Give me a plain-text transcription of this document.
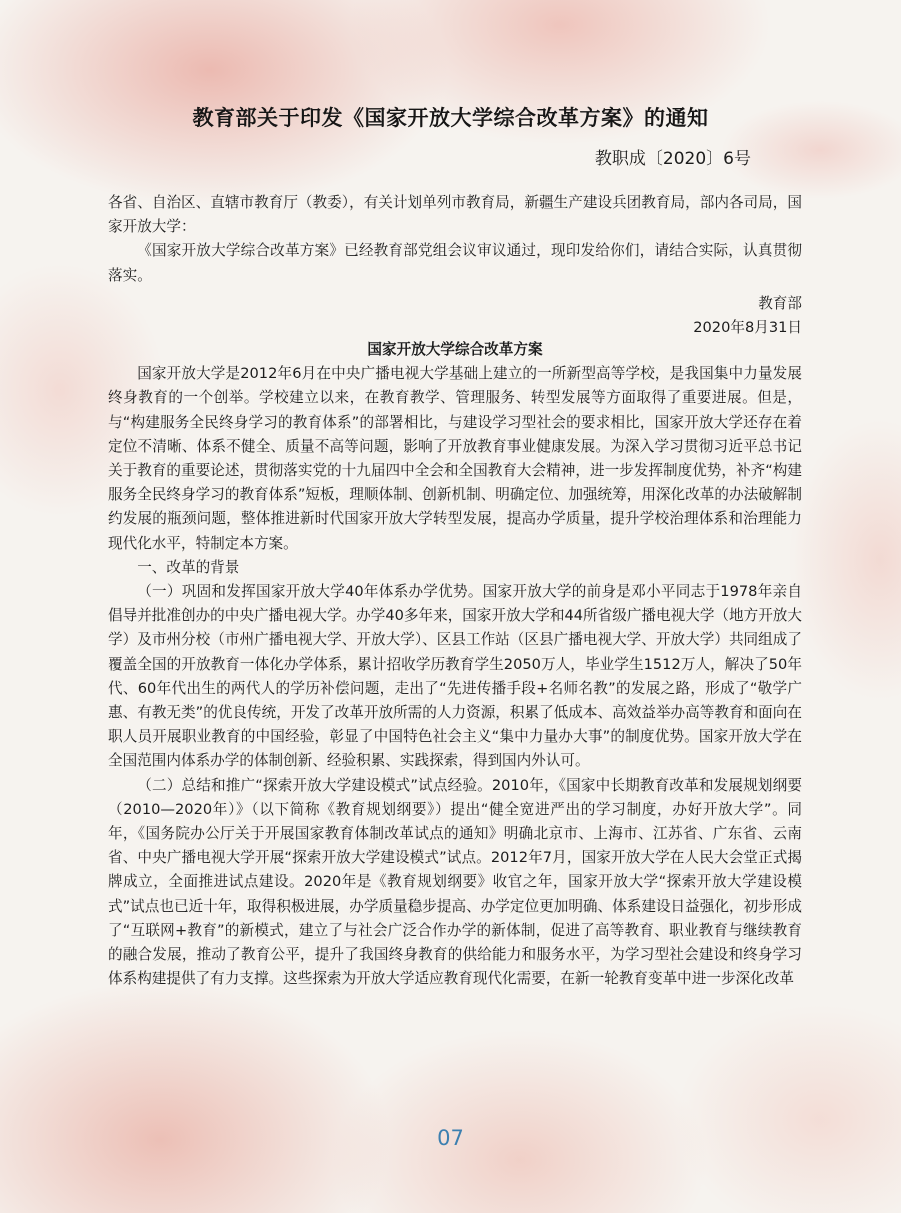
教育部关于印发《国家开放大学综合改革方案》的通知

教职成〔2020〕6号

各省、自治区、直辖市教育厅（教委），有关计划单列市教育局，新疆生产建设兵团教育局，部内各司局，国家开放大学：

《国家开放大学综合改革方案》已经教育部党组会议审议通过，现印发给你们，请结合实际，认真贯彻落实。

教育部

2020年8月31日

国家开放大学综合改革方案

国家开放大学是2012年6月在中央广播电视大学基础上建立的一所新型高等学校，是我国集中力量发展终身教育的一个创举。学校建立以来，在教育教学、管理服务、转型发展等方面取得了重要进展。但是，与“构建服务全民终身学习的教育体系”的部署相比，与建设学习型社会的要求相比，国家开放大学还存在着定位不清晰、体系不健全、质量不高等问题，影响了开放教育事业健康发展。为深入学习贯彻习近平总书记关于教育的重要论述，贯彻落实党的十九届四中全会和全国教育大会精神，进一步发挥制度优势，补齐“构建服务全民终身学习的教育体系”短板，理顺体制、创新机制、明确定位、加强统筹，用深化改革的办法破解制约发展的瓶颈问题，整体推进新时代国家开放大学转型发展，提高办学质量，提升学校治理体系和治理能力现代化水平，特制定本方案。

一、改革的背景

（一）巩固和发挥国家开放大学40年体系办学优势。国家开放大学的前身是邓小平同志于1978年亲自倡导并批准创办的中央广播电视大学。办学40多年来，国家开放大学和44所省级广播电视大学（地方开放大学）及市州分校（市州广播电视大学、开放大学）、区县工作站（区县广播电视大学、开放大学）共同组成了覆盖全国的开放教育一体化办学体系，累计招收学历教育学生2050万人，毕业学生1512万人，解决了50年代、60年代出生的两代人的学历补偿问题，走出了“先进传播手段+名师名教”的发展之路，形成了“敬学广惠、有教无类”的优良传统，开发了改革开放所需的人力资源，积累了低成本、高效益举办高等教育和面向在职人员开展职业教育的中国经验，彰显了中国特色社会主义“集中力量办大事”的制度优势。国家开放大学在全国范围内体系办学的体制创新、经验积累、实践探索，得到国内外认可。

（二）总结和推广“探索开放大学建设模式”试点经验。2010年，《国家中长期教育改革和发展规划纲要（2010—2020年）》（以下简称《教育规划纲要》）提出“健全宽进严出的学习制度，办好开放大学”。同年，《国务院办公厅关于开展国家教育体制改革试点的通知》明确北京市、上海市、江苏省、广东省、云南省、中央广播电视大学开展“探索开放大学建设模式”试点。2012年7月，国家开放大学在人民大会堂正式揭牌成立，全面推进试点建设。2020年是《教育规划纲要》收官之年，国家开放大学“探索开放大学建设模式”试点也已近十年，取得积极进展，办学质量稳步提高、办学定位更加明确、体系建设日益强化，初步形成了“互联网+教育”的新模式，建立了与社会广泛合作办学的新体制，促进了高等教育、职业教育与继续教育的融合发展，推动了教育公平，提升了我国终身教育的供给能力和服务水平，为学习型社会建设和终身学习体系构建提供了有力支撑。这些探索为开放大学适应教育现代化需要，在新一轮教育变革中进一步深化改革

07
